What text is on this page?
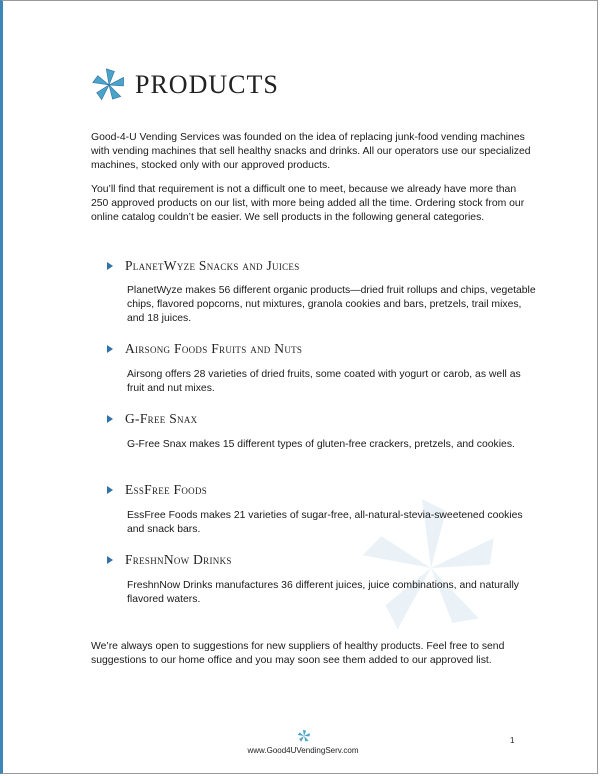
PRODUCTS

Good-4-U Vending Services was founded on the idea of replacing junk-food vending machines with vending machines that sell healthy snacks and drinks. All our operators use our specialized machines, stocked only with our approved products.

You’ll find that requirement is not a difficult one to meet, because we already have more than 250 approved products on our list, with more being added all the time. Ordering stock from our online catalog couldn’t be easier. We sell products in the following general categories.

PlanetWyze Snacks and Juices

PlanetWyze makes 56 different organic products—dried fruit rollups and chips, vegetable chips, flavored popcorns, nut mixtures, granola cookies and bars, pretzels, trail mixes, and 18 juices.

Airsong Foods Fruits and Nuts

Airsong offers 28 varieties of dried fruits, some coated with yogurt or carob, as well as fruit and nut mixes.

G-Free Snax

G-Free Snax makes 15 different types of gluten-free crackers, pretzels, and cookies.

EssFree Foods

EssFree Foods makes 21 varieties of sugar-free, all-natural-stevia-sweetened cookies and snack bars.

FreshnNow Drinks

FreshnNow Drinks manufactures 36 different juices, juice combinations, and naturally flavored waters.

We’re always open to suggestions for new suppliers of healthy products. Feel free to send suggestions to our home office and you may soon see them added to our approved list.

www.Good4UVendingServ.com
1
